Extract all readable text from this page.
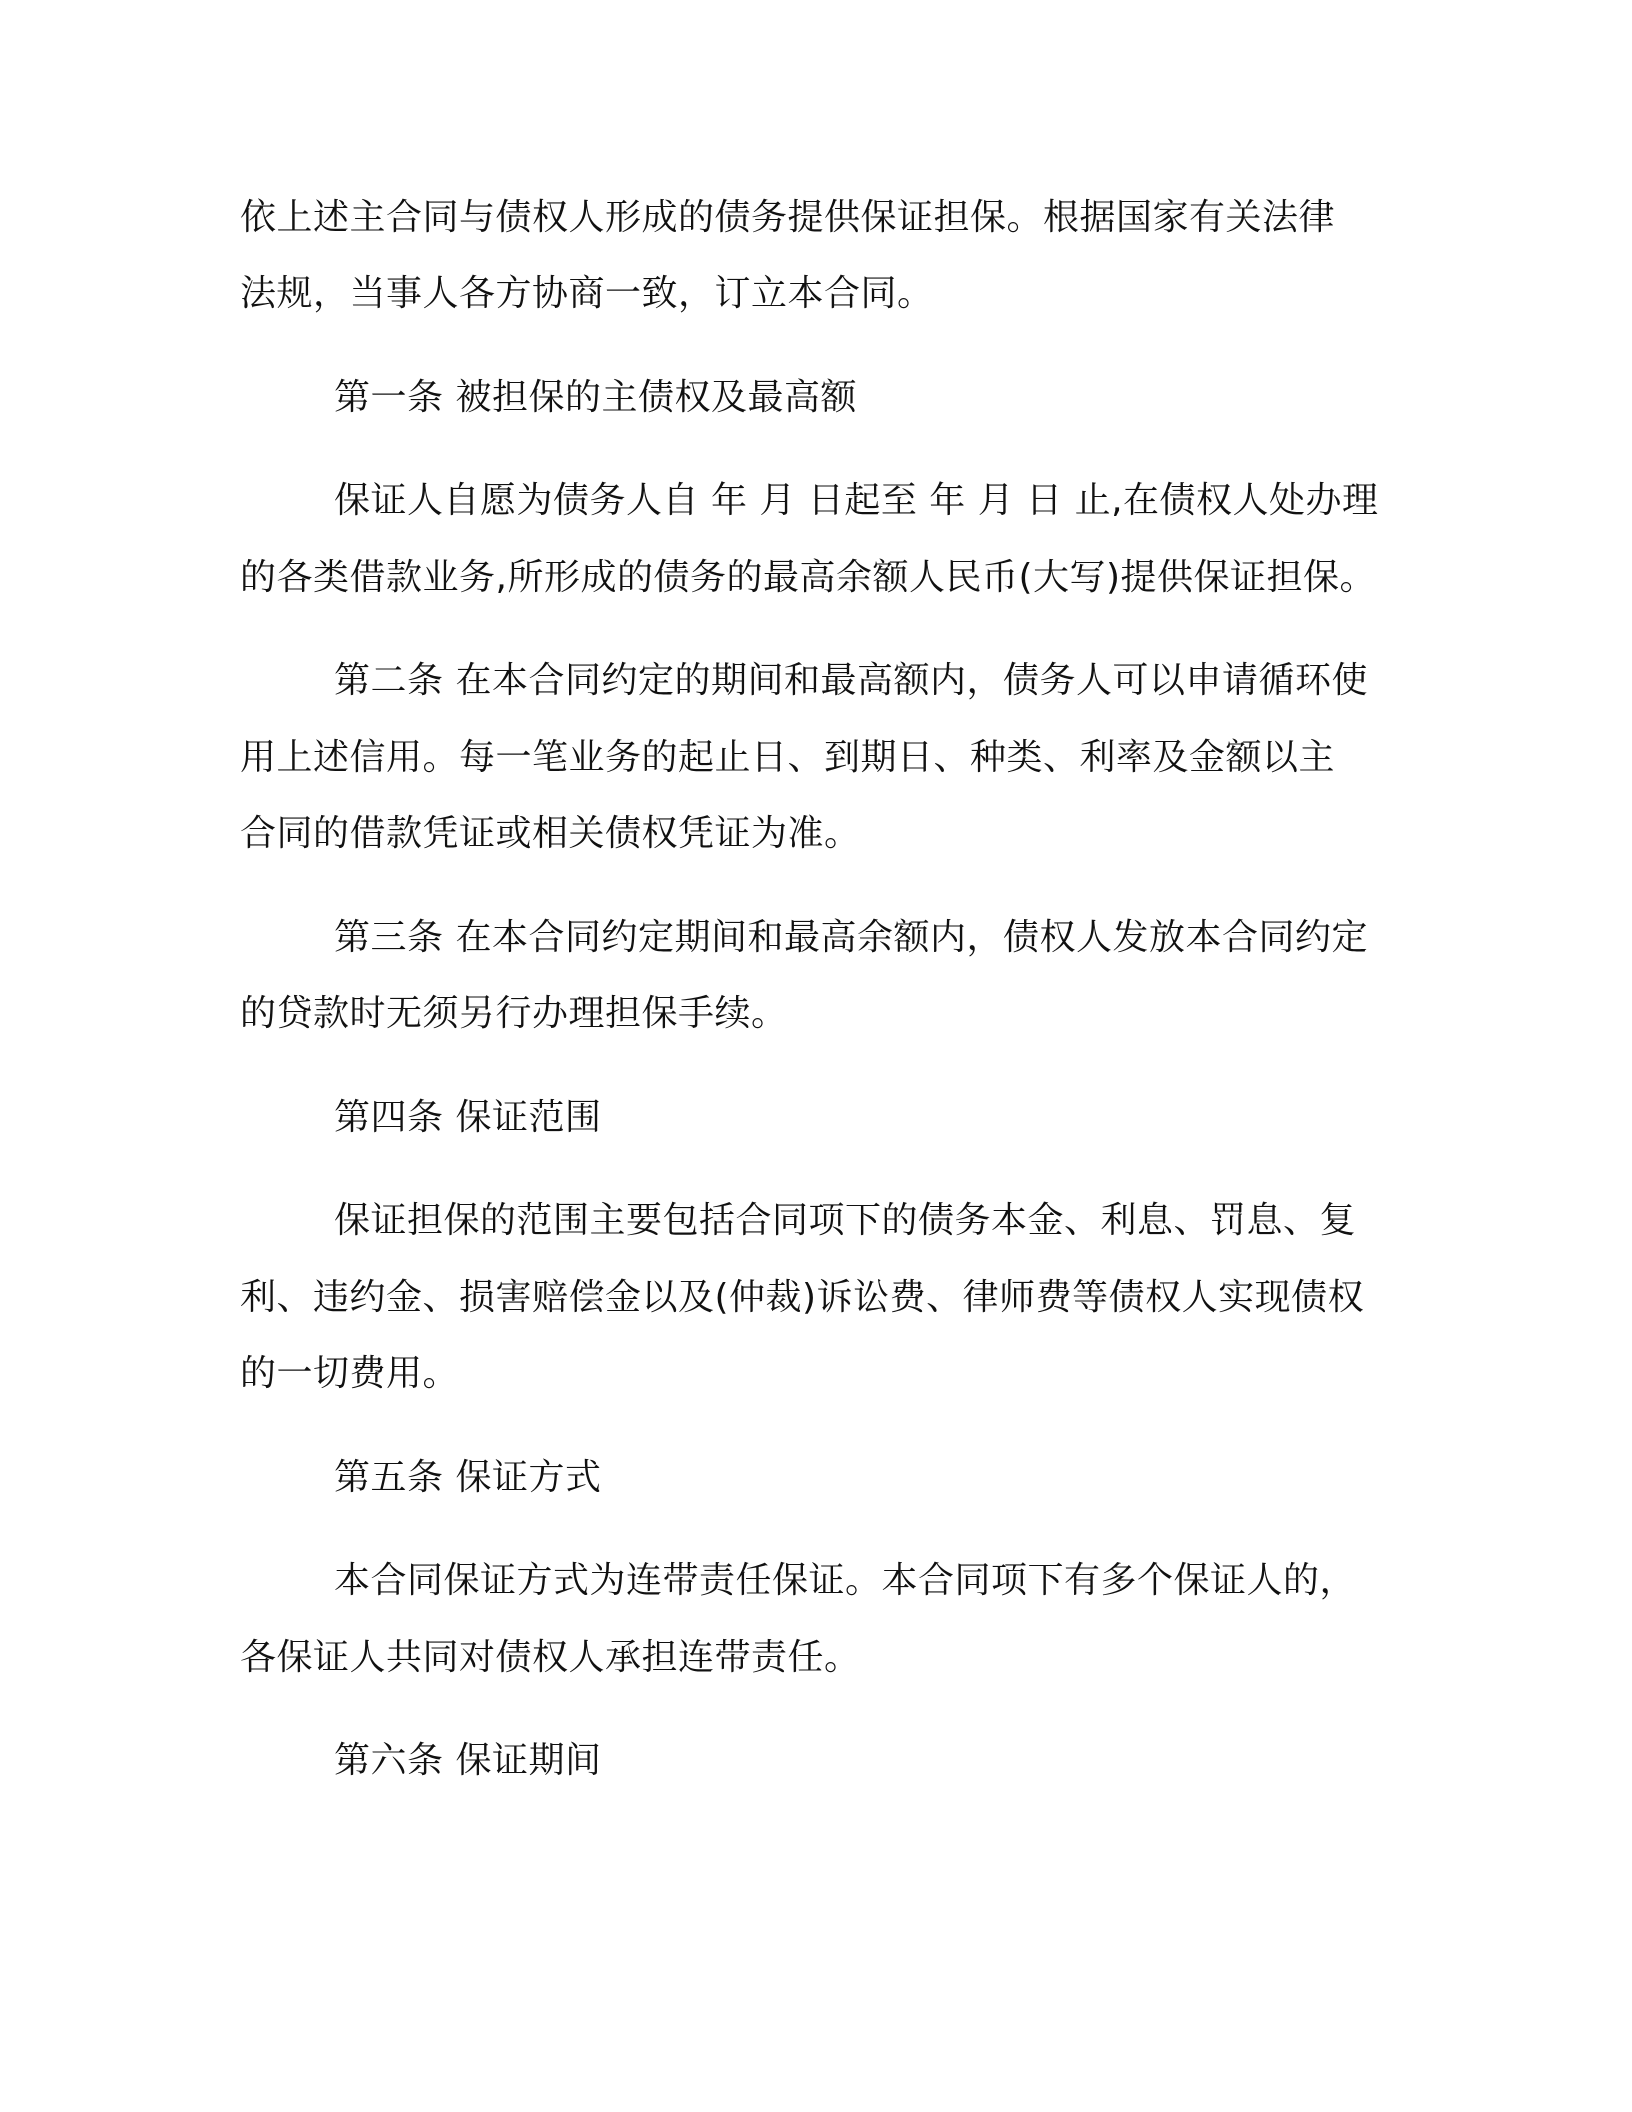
依上述主合同与债权人形成的债务提供保证担保。根据国家有关法律
法规，当事人各方协商一致，订立本合同。
第一条 被担保的主债权及最高额
保证人自愿为债务人自 年 月 日起至 年 月 日 止,在债权人处办理
的各类借款业务,所形成的债务的最高余额人民币(大写)提供保证担保。
第二条 在本合同约定的期间和最高额内，债务人可以申请循环使
用上述信用。每一笔业务的起止日、到期日、种类、利率及金额以主
合同的借款凭证或相关债权凭证为准。
第三条 在本合同约定期间和最高余额内，债权人发放本合同约定
的贷款时无须另行办理担保手续。
第四条 保证范围
保证担保的范围主要包括合同项下的债务本金、利息、罚息、复
利、违约金、损害赔偿金以及(仲裁)诉讼费、律师费等债权人实现债权
的一切费用。
第五条 保证方式
本合同保证方式为连带责任保证。本合同项下有多个保证人的，
各保证人共同对债权人承担连带责任。
第六条 保证期间
